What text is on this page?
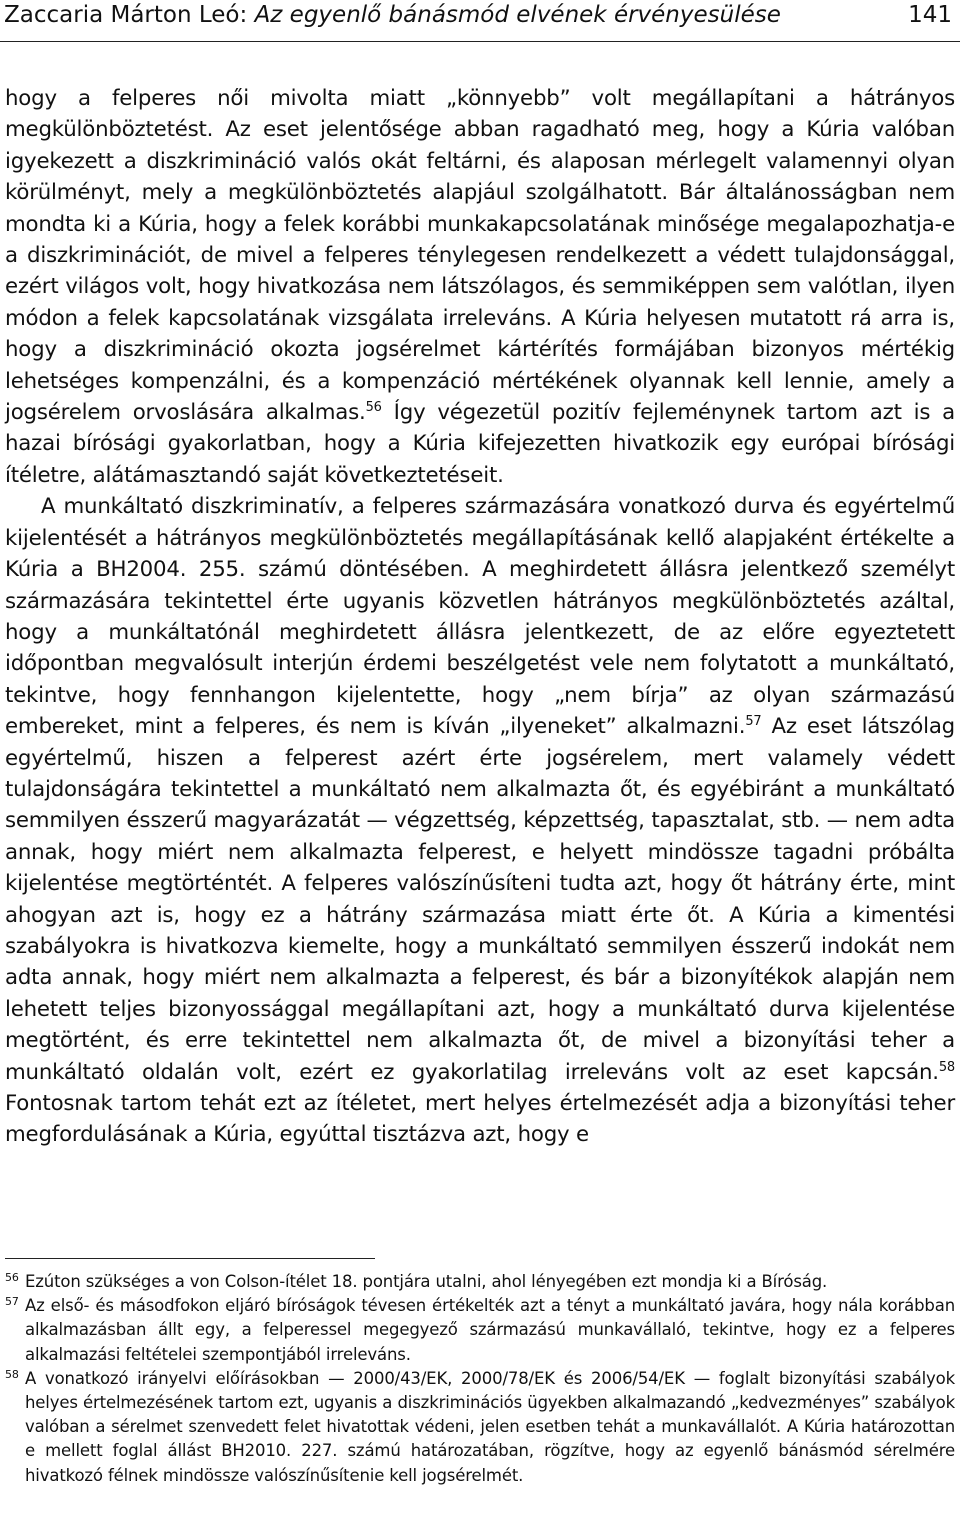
Zaccaria Márton Leó: Az egyenlő bánásmód elvének érvényesülése	141

hogy a felperes női mivolta miatt „könnyebb” volt megállapítani a hátrányos megkülönböztetést. Az eset jelentősége abban ragadható meg, hogy a Kúria valóban igyekezett a diszkrimináció valós okát feltárni, és alaposan mérlegelt valamennyi olyan körülményt, mely a megkülönböztetés alapjául szolgálhatott. Bár általánosságban nem mondta ki a Kúria, hogy a felek korábbi munkakapcsolatának minősége megalapozhatja-e a diszkriminációt, de mivel a felperes ténylegesen rendelkezett a védett tulajdonsággal, ezért világos volt, hogy hivatkozása nem látszólagos, és semmiképpen sem valótlan, ilyen módon a felek kapcsolatának vizsgálata irreleváns. A Kúria helyesen mutatott rá arra is, hogy a diszkrimináció okozta jogsérelmet kártérítés formájában bizonyos mértékig lehetséges kompenzálni, és a kompenzáció mértékének olyannak kell lennie, amely a jogsérelem orvoslására alkalmas.$^{56}$ Így végezetül pozitív fejleménynek tartom azt is a hazai bírósági gyakorlatban, hogy a Kúria kifejezetten hivatkozik egy európai bírósági ítéletre, alátámasztandó saját következtetéseit.

A munkáltató diszkriminatív, a felperes származására vonatkozó durva és egyértelmű kijelentését a hátrányos megkülönböztetés megállapításának kellő alapjaként értékelte a Kúria a BH2004. 255. számú döntésében. A meghirdetett állásra jelentkező személyt származására tekintettel érte ugyanis közvetlen hátrányos megkülönböztetés azáltal, hogy a munkáltatónál meghirdetett állásra jelentkezett, de az előre egyeztetett időpontban megvalósult interjún érdemi beszélgetést vele nem folytatott a munkáltató, tekintve, hogy fennhangon kijelentette, hogy „nem bírja” az olyan származású embereket, mint a felperes, és nem is kíván „ilyeneket” alkalmazni.$^{57}$ Az eset látszólag egyértelmű, hiszen a felperest azért érte jogsérelem, mert valamely védett tulajdonságára tekintettel a munkáltató nem alkalmazta őt, és egyébiránt a munkáltató semmilyen ésszerű magyarázatát — végzettség, képzettség, tapasztalat, stb. — nem adta annak, hogy miért nem alkalmazta felperest, e helyett mindössze tagadni próbálta kijelentése megtörténtét. A felperes valószínűsíteni tudta azt, hogy őt hátrány érte, mint ahogyan azt is, hogy ez a hátrány származása miatt érte őt. A Kúria a kimentési szabályokra is hivatkozva kiemelte, hogy a munkáltató semmilyen ésszerű indokát nem adta annak, hogy miért nem alkalmazta a felperest, és bár a bizonyítékok alapján nem lehetett teljes bizonyossággal megállapítani azt, hogy a munkáltató durva kijelentése megtörtént, és erre tekintettel nem alkalmazta őt, de mivel a bizonyítási teher a munkáltató oldalán volt, ezért ez gyakorlatilag irreleváns volt az eset kapcsán.$^{58}$ Fontosnak tartom tehát ezt az ítéletet, mert helyes értelmezését adja a bizonyítási teher megfordulásának a Kúria, egyúttal tisztázva azt, hogy e

56 Ezúton szükséges a von Colson-ítélet 18. pontjára utalni, ahol lényegében ezt mondja ki a Bíróság.
57 Az első- és másodfokon eljáró bíróságok tévesen értékelték azt a tényt a munkáltató javára, hogy nála korábban alkalmazásban állt egy, a felperessel megegyező származású munkavállaló, tekintve, hogy ez a felperes alkalmazási feltételei szempontjából irreleváns.
58 A vonatkozó irányelvi előírásokban — 2000/43/EK, 2000/78/EK és 2006/54/EK — foglalt bizonyítási szabályok helyes értelmezésének tartom ezt, ugyanis a diszkriminációs ügyekben alkalmazandó „kedvezményes” szabályok valóban a sérelmet szenvedett felet hivatottak védeni, jelen esetben tehát a munkavállalót. A Kúria határozottan e mellett foglal állást BH2010. 227. számú határozatában, rögzítve, hogy az egyenlő bánásmód sérelmére hivatkozó félnek mindössze valószínűsítenie kell jogsérelmét.
